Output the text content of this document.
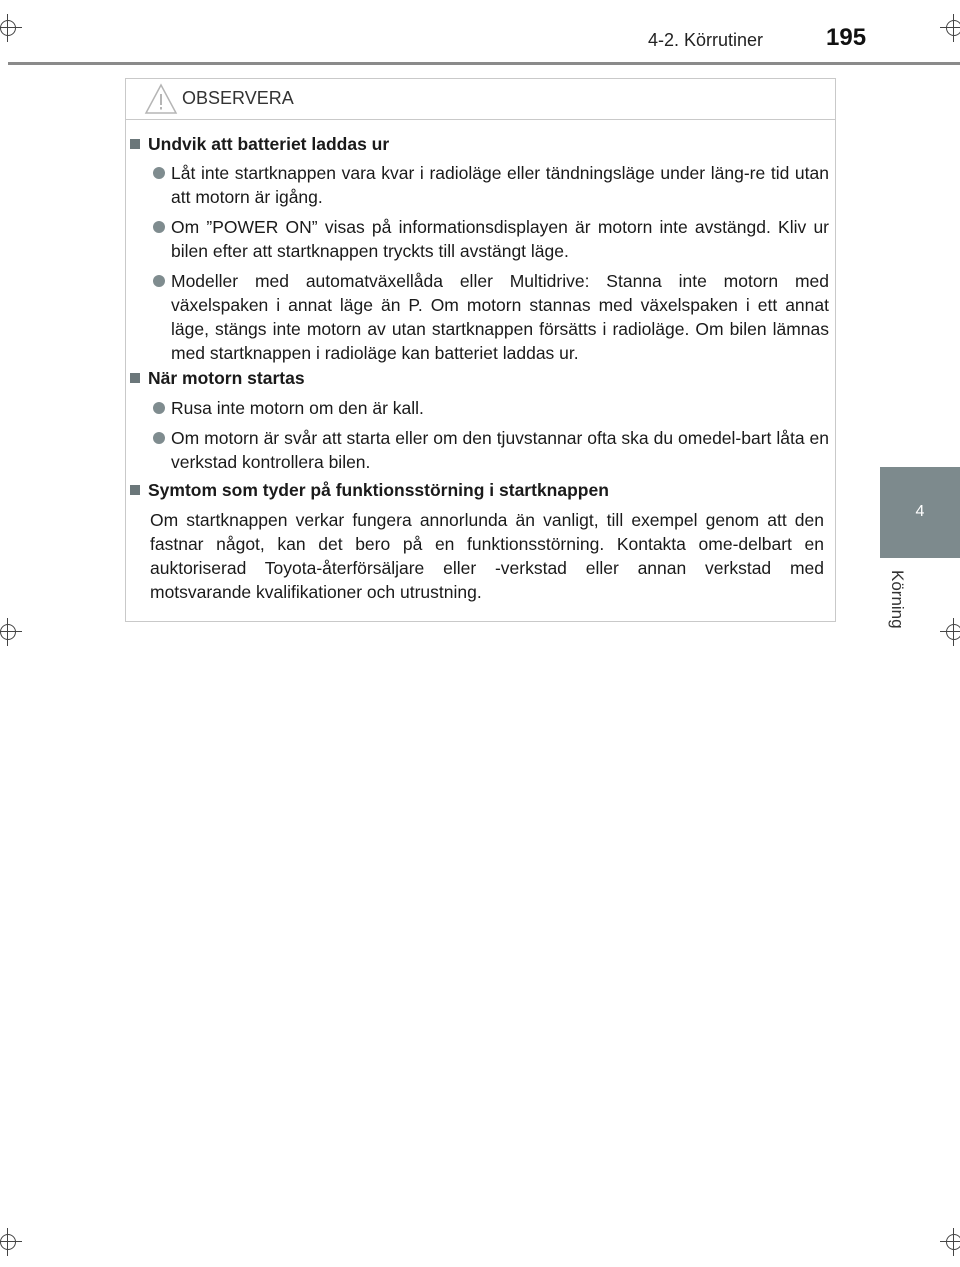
4-2. Körrutiner	195
4
Körning
OBSERVERA
Undvik att batteriet laddas ur
Låt inte startknappen vara kvar i radioläge eller tändningsläge under läng-re tid utan att motorn är igång.
Om ”POWER ON” visas på informationsdisplayen är motorn inte avstängd. Kliv ur bilen efter att startknappen tryckts till avstängt läge.
Modeller med automatväxellåda eller Multidrive: Stanna inte motorn med växelspaken i annat läge än P. Om motorn stannas med växelspaken i ett annat läge, stängs inte motorn av utan startknappen försätts i radioläge. Om bilen lämnas med startknappen i radioläge kan batteriet laddas ur.
När motorn startas
Rusa inte motorn om den är kall.
Om motorn är svår att starta eller om den tjuvstannar ofta ska du omedel-bart låta en verkstad kontrollera bilen.
Symtom som tyder på funktionsstörning i startknappen
Om startknappen verkar fungera annorlunda än vanligt, till exempel genom att den fastnar något, kan det bero på en funktionsstörning. Kontakta ome-delbart en auktoriserad Toyota-återförsäljare eller -verkstad eller annan verkstad med motsvarande kvalifikationer och utrustning.
